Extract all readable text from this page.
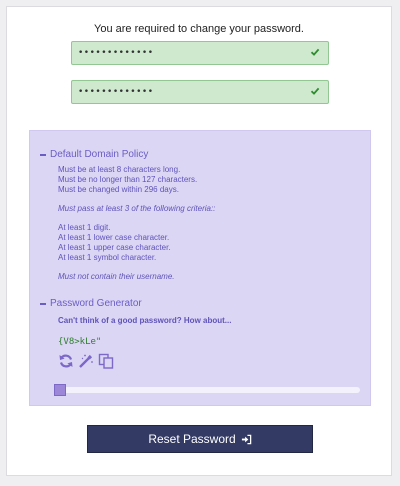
You are required to change your password.
•••••••••••••
•••••••••••••
Default Domain Policy
Must be at least 8 characters long.
Must be no longer than 127 characters.
Must be changed within 296 days.
Must pass at least 3 of the following criteria::
At least 1 digit.
At least 1 lower case character.
At least 1 upper case character.
At least 1 symbol character.
Must not contain their username.
Password Generator
Can't think of a good password? How about...
{V8>kLe"
Reset Password
